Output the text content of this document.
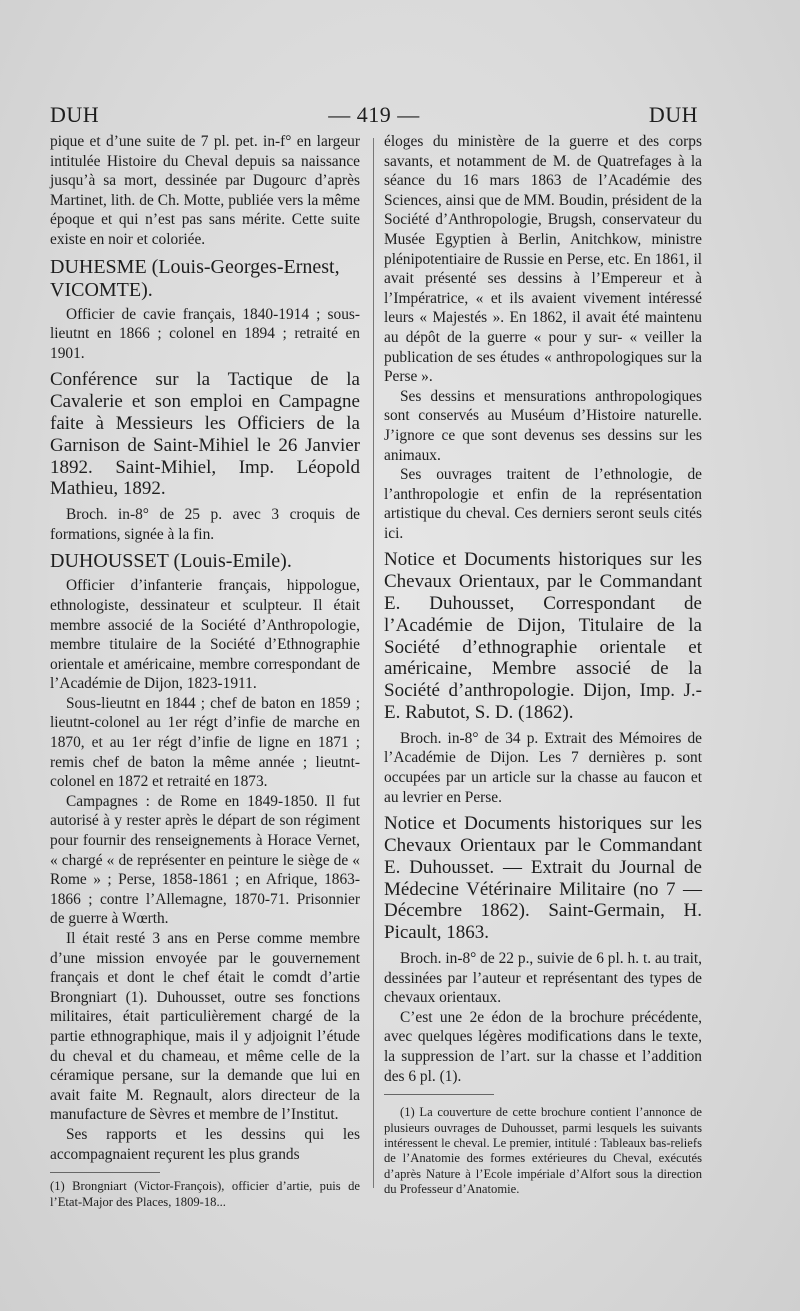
DUH	— 419 —	DUH

pique et d’une suite de 7 pl. pet. in-f° en largeur intitulée Histoire du Cheval depuis sa naissance jusqu’à sa mort, dessinée par Dugourc d’après Martinet, lith. de Ch. Motte, publiée vers la même époque et qui n’est pas sans mérite. Cette suite existe en noir et coloriée.

DUHESME (Louis-Georges-Ernest, VICOMTE).

Officier de cavie français, 1840-1914 ; sous-lieutnt en 1866 ; colonel en 1894 ; retraité en 1901.

Conférence sur la Tactique de la Cavalerie et son emploi en Campagne faite à Messieurs les Officiers de la Garnison de Saint-Mihiel le 26 Janvier 1892. Saint-Mihiel, Imp. Léopold Mathieu, 1892.

Broch. in-8° de 25 p. avec 3 croquis de formations, signée à la fin.

DUHOUSSET (Louis-Emile).

Officier d’infanterie français, hippologue, ethnologiste, dessinateur et sculpteur. Il était membre associé de la Société d’Anthropologie, membre titulaire de la Société d’Ethnographie orientale et américaine, membre correspondant de l’Académie de Dijon, 1823-1911.

Sous-lieutnt en 1844 ; chef de baton en 1859 ; lieutnt-colonel au 1er régt d’infie de marche en 1870, et au 1er régt d’infie de ligne en 1871 ; remis chef de baton la même année ; lieutnt-colonel en 1872 et retraité en 1873.

Campagnes : de Rome en 1849-1850. Il fut autorisé à y rester après le départ de son régiment pour fournir des renseignements à Horace Vernet, « chargé « de représenter en peinture le siège de « Rome » ; Perse, 1858-1861 ; en Afrique, 1863-1866 ; contre l’Allemagne, 1870-71. Prisonnier de guerre à Wœrth.

Il était resté 3 ans en Perse comme membre d’une mission envoyée par le gouvernement français et dont le chef était le comdt d’artie Brongniart (1). Duhousset, outre ses fonctions militaires, était particulièrement chargé de la partie ethnographique, mais il y adjoignit l’étude du cheval et du chameau, et même celle de la céramique persane, sur la demande que lui en avait faite M. Regnault, alors directeur de la manufacture de Sèvres et membre de l’Institut.

Ses rapports et les dessins qui les accompagnaient reçurent les plus grands

(1) Brongniart (Victor-François), officier d’artie, puis de l’Etat-Major des Places, 1809-18...

éloges du ministère de la guerre et des corps savants, et notamment de M. de Quatrefages à la séance du 16 mars 1863 de l’Académie des Sciences, ainsi que de MM. Boudin, président de la Société d’Anthropologie, Brugsh, conservateur du Musée Egyptien à Berlin, Anitchkow, ministre plénipotentiaire de Russie en Perse, etc. En 1861, il avait présenté ses dessins à l’Empereur et à l’Impératrice, « et ils avaient vivement intéressé leurs « Majestés ». En 1862, il avait été maintenu au dépôt de la guerre « pour y sur- « veiller la publication de ses études « anthropologiques sur la Perse ».

Ses dessins et mensurations anthropologiques sont conservés au Muséum d’Histoire naturelle. J’ignore ce que sont devenus ses dessins sur les animaux.

Ses ouvrages traitent de l’ethnologie, de l’anthropologie et enfin de la représentation artistique du cheval. Ces derniers seront seuls cités ici.

Notice et Documents historiques sur les Chevaux Orientaux, par le Commandant E. Duhousset, Correspondant de l’Académie de Dijon, Titulaire de la Société d’ethnographie orientale et américaine, Membre associé de la Société d’anthropologie. Dijon, Imp. J.-E. Rabutot, S. D. (1862).

Broch. in-8° de 34 p. Extrait des Mémoires de l’Académie de Dijon. Les 7 dernières p. sont occupées par un article sur la chasse au faucon et au levrier en Perse.

Notice et Documents historiques sur les Chevaux Orientaux par le Commandant E. Duhousset. — Extrait du Journal de Médecine Vétérinaire Militaire (no 7 — Décembre 1862). Saint-Germain, H. Picault, 1863.

Broch. in-8° de 22 p., suivie de 6 pl. h. t. au trait, dessinées par l’auteur et représentant des types de chevaux orientaux.

C’est une 2e édon de la brochure précédente, avec quelques légères modifications dans le texte, la suppression de l’art. sur la chasse et l’addition des 6 pl. (1).

(1) La couverture de cette brochure contient l’annonce de plusieurs ouvrages de Duhousset, parmi lesquels les suivants intéressent le cheval. Le premier, intitulé : Tableaux bas-reliefs de l’Anatomie des formes extérieures du Cheval, exécutés d’après Nature à l’Ecole impériale d’Alfort sous la direction du Professeur d’Anatomie.
